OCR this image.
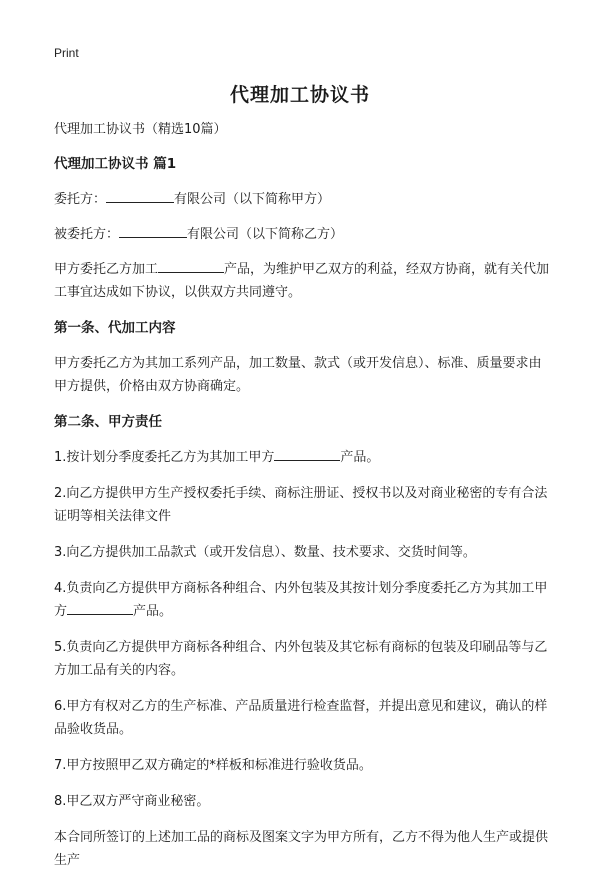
Print
代理加工协议书

代理加工协议书（精选10篇）

代理加工协议书 篇1

委托方：	有限公司（以下简称甲方）

被委托方：	有限公司（以下简称乙方）

甲方委托乙方加工	产品，为维护甲乙双方的利益，经双方协商，就有关代加工事宜达成如下协议，以供双方共同遵守。

第一条、代加工内容

甲方委托乙方为其加工系列产品，加工数量、款式（或开发信息）、标准、质量要求由甲方提供，价格由双方协商确定。

第二条、甲方责任

1.按计划分季度委托乙方为其加工甲方	产品。

2.向乙方提供甲方生产授权委托手续、商标注册证、授权书以及对商业秘密的专有合法证明等相关法律文件

3.向乙方提供加工品款式（或开发信息）、数量、技术要求、交货时间等。

4.负责向乙方提供甲方商标各种组合、内外包装及其按计划分季度委托乙方为其加工甲方	产品。

5.负责向乙方提供甲方商标各种组合、内外包装及其它标有商标的包装及印刷品等与乙方加工品有关的内容。

6.甲方有权对乙方的生产标准、产品质量进行检查监督，并提出意见和建议，确认的样品验收货品。

7.甲方按照甲乙双方确定的*样板和标准进行验收货品。

8.甲乙双方严守商业秘密。

本合同所签订的上述加工品的商标及图案文字为甲方所有，乙方不得为他人生产或提供生产
